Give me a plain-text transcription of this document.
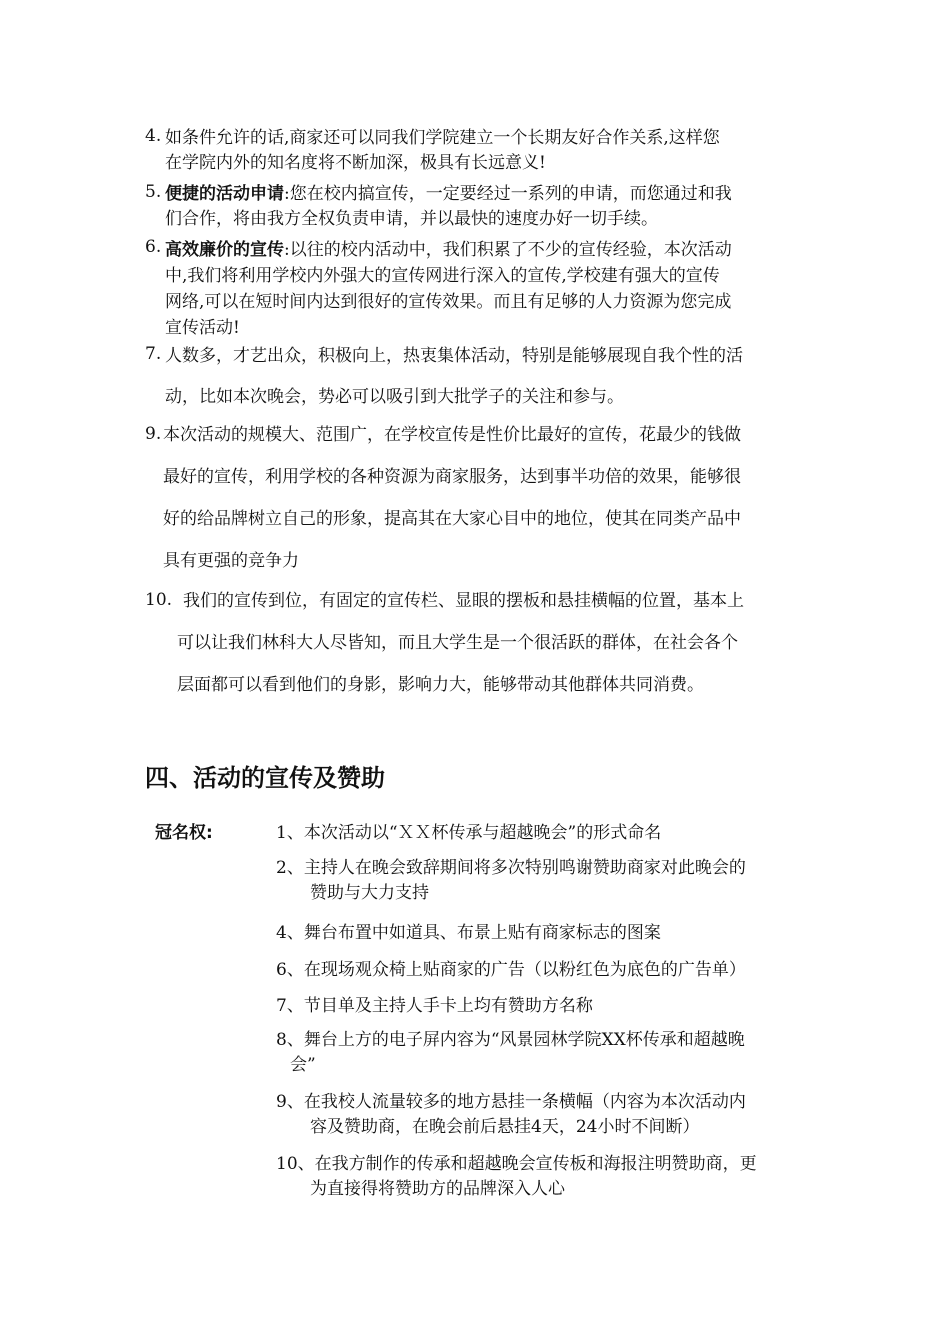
4. 如条件允许的话,商家还可以同我们学院建立一个长期友好合作关系,这样您
在学院内外的知名度将不断加深，极具有长远意义!
5. 便捷的活动申请:您在校内搞宣传，一定要经过一系列的申请，而您通过和我
们合作，将由我方全权负责申请，并以最快的速度办好一切手续。
6. 高效廉价的宣传:以往的校内活动中，我们积累了不少的宣传经验，本次活动
中,我们将利用学校内外强大的宣传网进行深入的宣传,学校建有强大的宣传
网络,可以在短时间内达到很好的宣传效果。而且有足够的人力资源为您完成
宣传活动!
7. 人数多，才艺出众，积极向上，热衷集体活动，特别是能够展现自我个性的活
动，比如本次晚会，势必可以吸引到大批学子的关注和参与。
9. 本次活动的规模大、范围广，在学校宣传是性价比最好的宣传，花最少的钱做
最好的宣传，利用学校的各种资源为商家服务，达到事半功倍的效果，能够很
好的给品牌树立自己的形象，提高其在大家心目中的地位，使其在同类产品中
具有更强的竞争力
10. 我们的宣传到位，有固定的宣传栏、显眼的摆板和悬挂横幅的位置，基本上
可以让我们林科大人尽皆知，而且大学生是一个很活跃的群体，在社会各个
层面都可以看到他们的身影，影响力大，能够带动其他群体共同消费。
四、活动的宣传及赞助
冠名权:	1、本次活动以“ＸＸ杯传承与超越晚会”的形式命名
2、主持人在晚会致辞期间将多次特别鸣谢赞助商家对此晚会的
赞助与大力支持
4、舞台布置中如道具、布景上贴有商家标志的图案
6、在现场观众椅上贴商家的广告（以粉红色为底色的广告单）
7、节目单及主持人手卡上均有赞助方名称
8、舞台上方的电子屏内容为“风景园林学院XX杯传承和超越晚
会”
9、在我校人流量较多的地方悬挂一条横幅（内容为本次活动内
容及赞助商，在晚会前后悬挂4天，24小时不间断）
10、在我方制作的传承和超越晚会宣传板和海报注明赞助商，更
为直接得将赞助方的品牌深入人心
